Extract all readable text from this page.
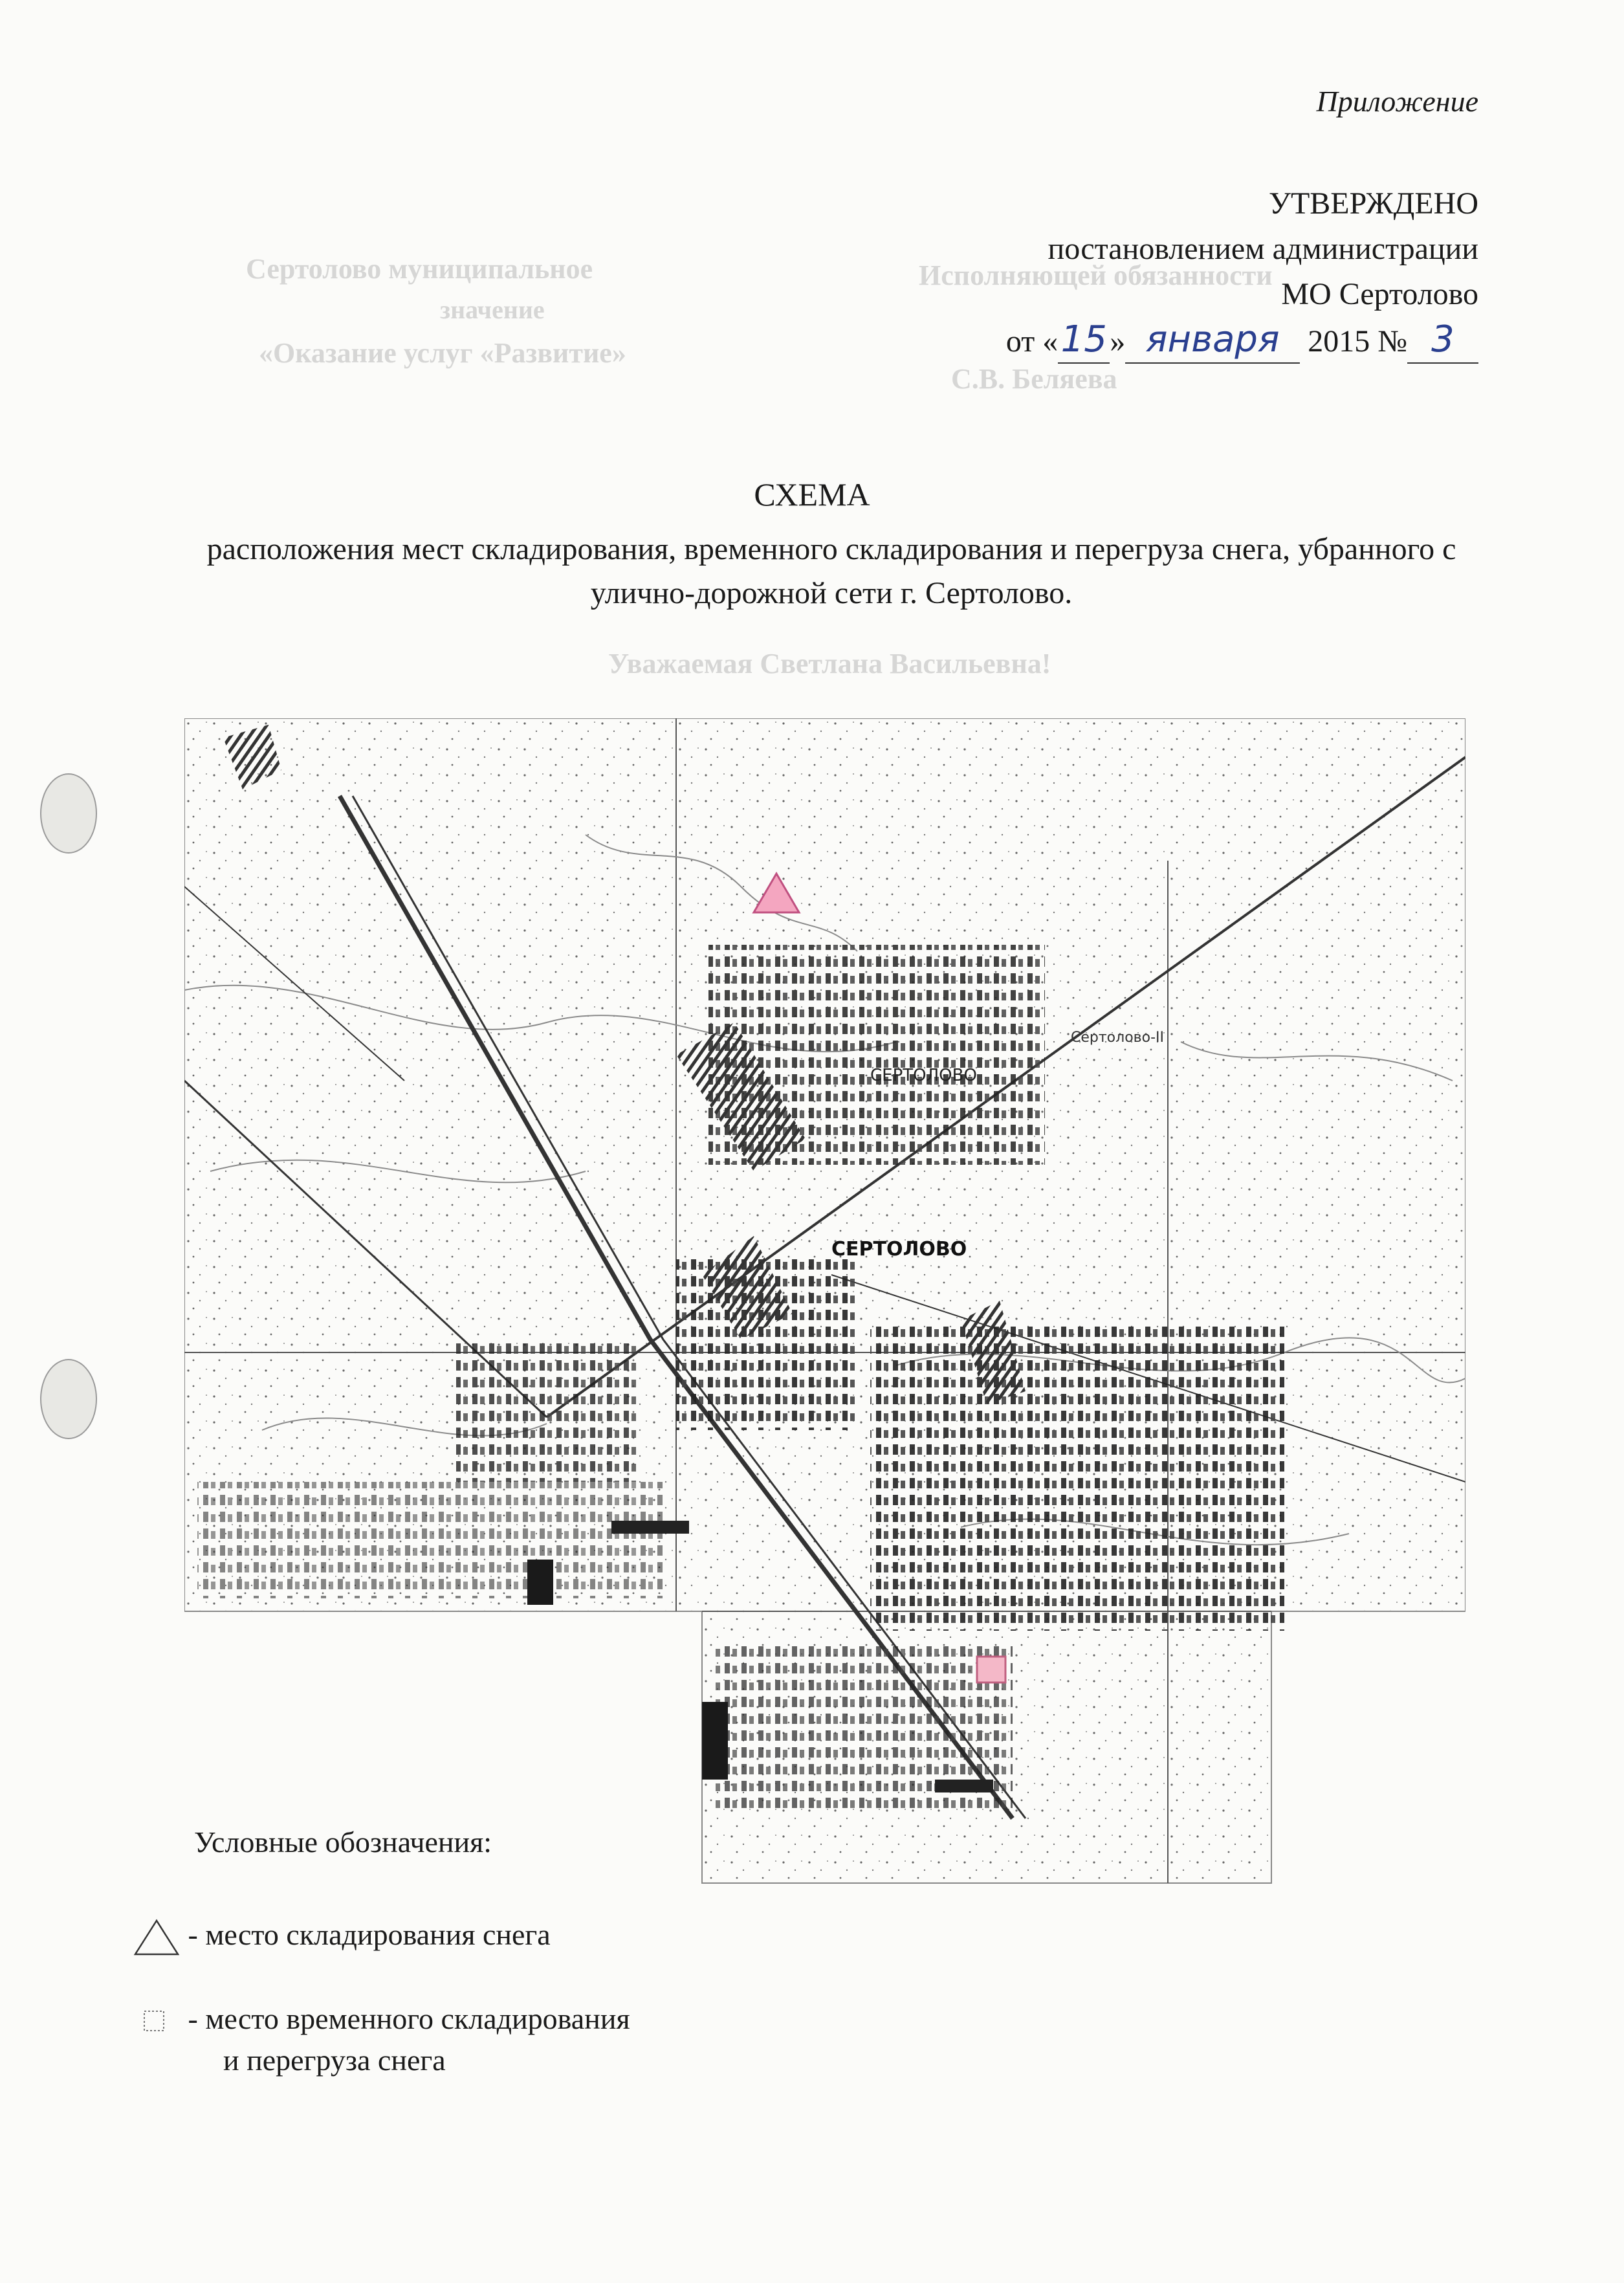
Сертолово муниципальное
значение
«Оказание услуг «Развитие»
Исполняющей обязанности
С.В. Беляева
Уважаемая Светлана Васильевна!
Приложение
УТВЕРЖДЕНО
постановлением администрации
МО Сертолово
от «15» января 2015 № 3
СХЕМА
расположения мест складирования, временного складирования и перегруза снега, убранного с улично-дорожной сети г. Сертолово.
СЕРТОЛОВО
СЕРТОЛОВО
Сертолово-II
Условные обозначения:
- место складирования снега
- место временного складирования
и перегруза снега
